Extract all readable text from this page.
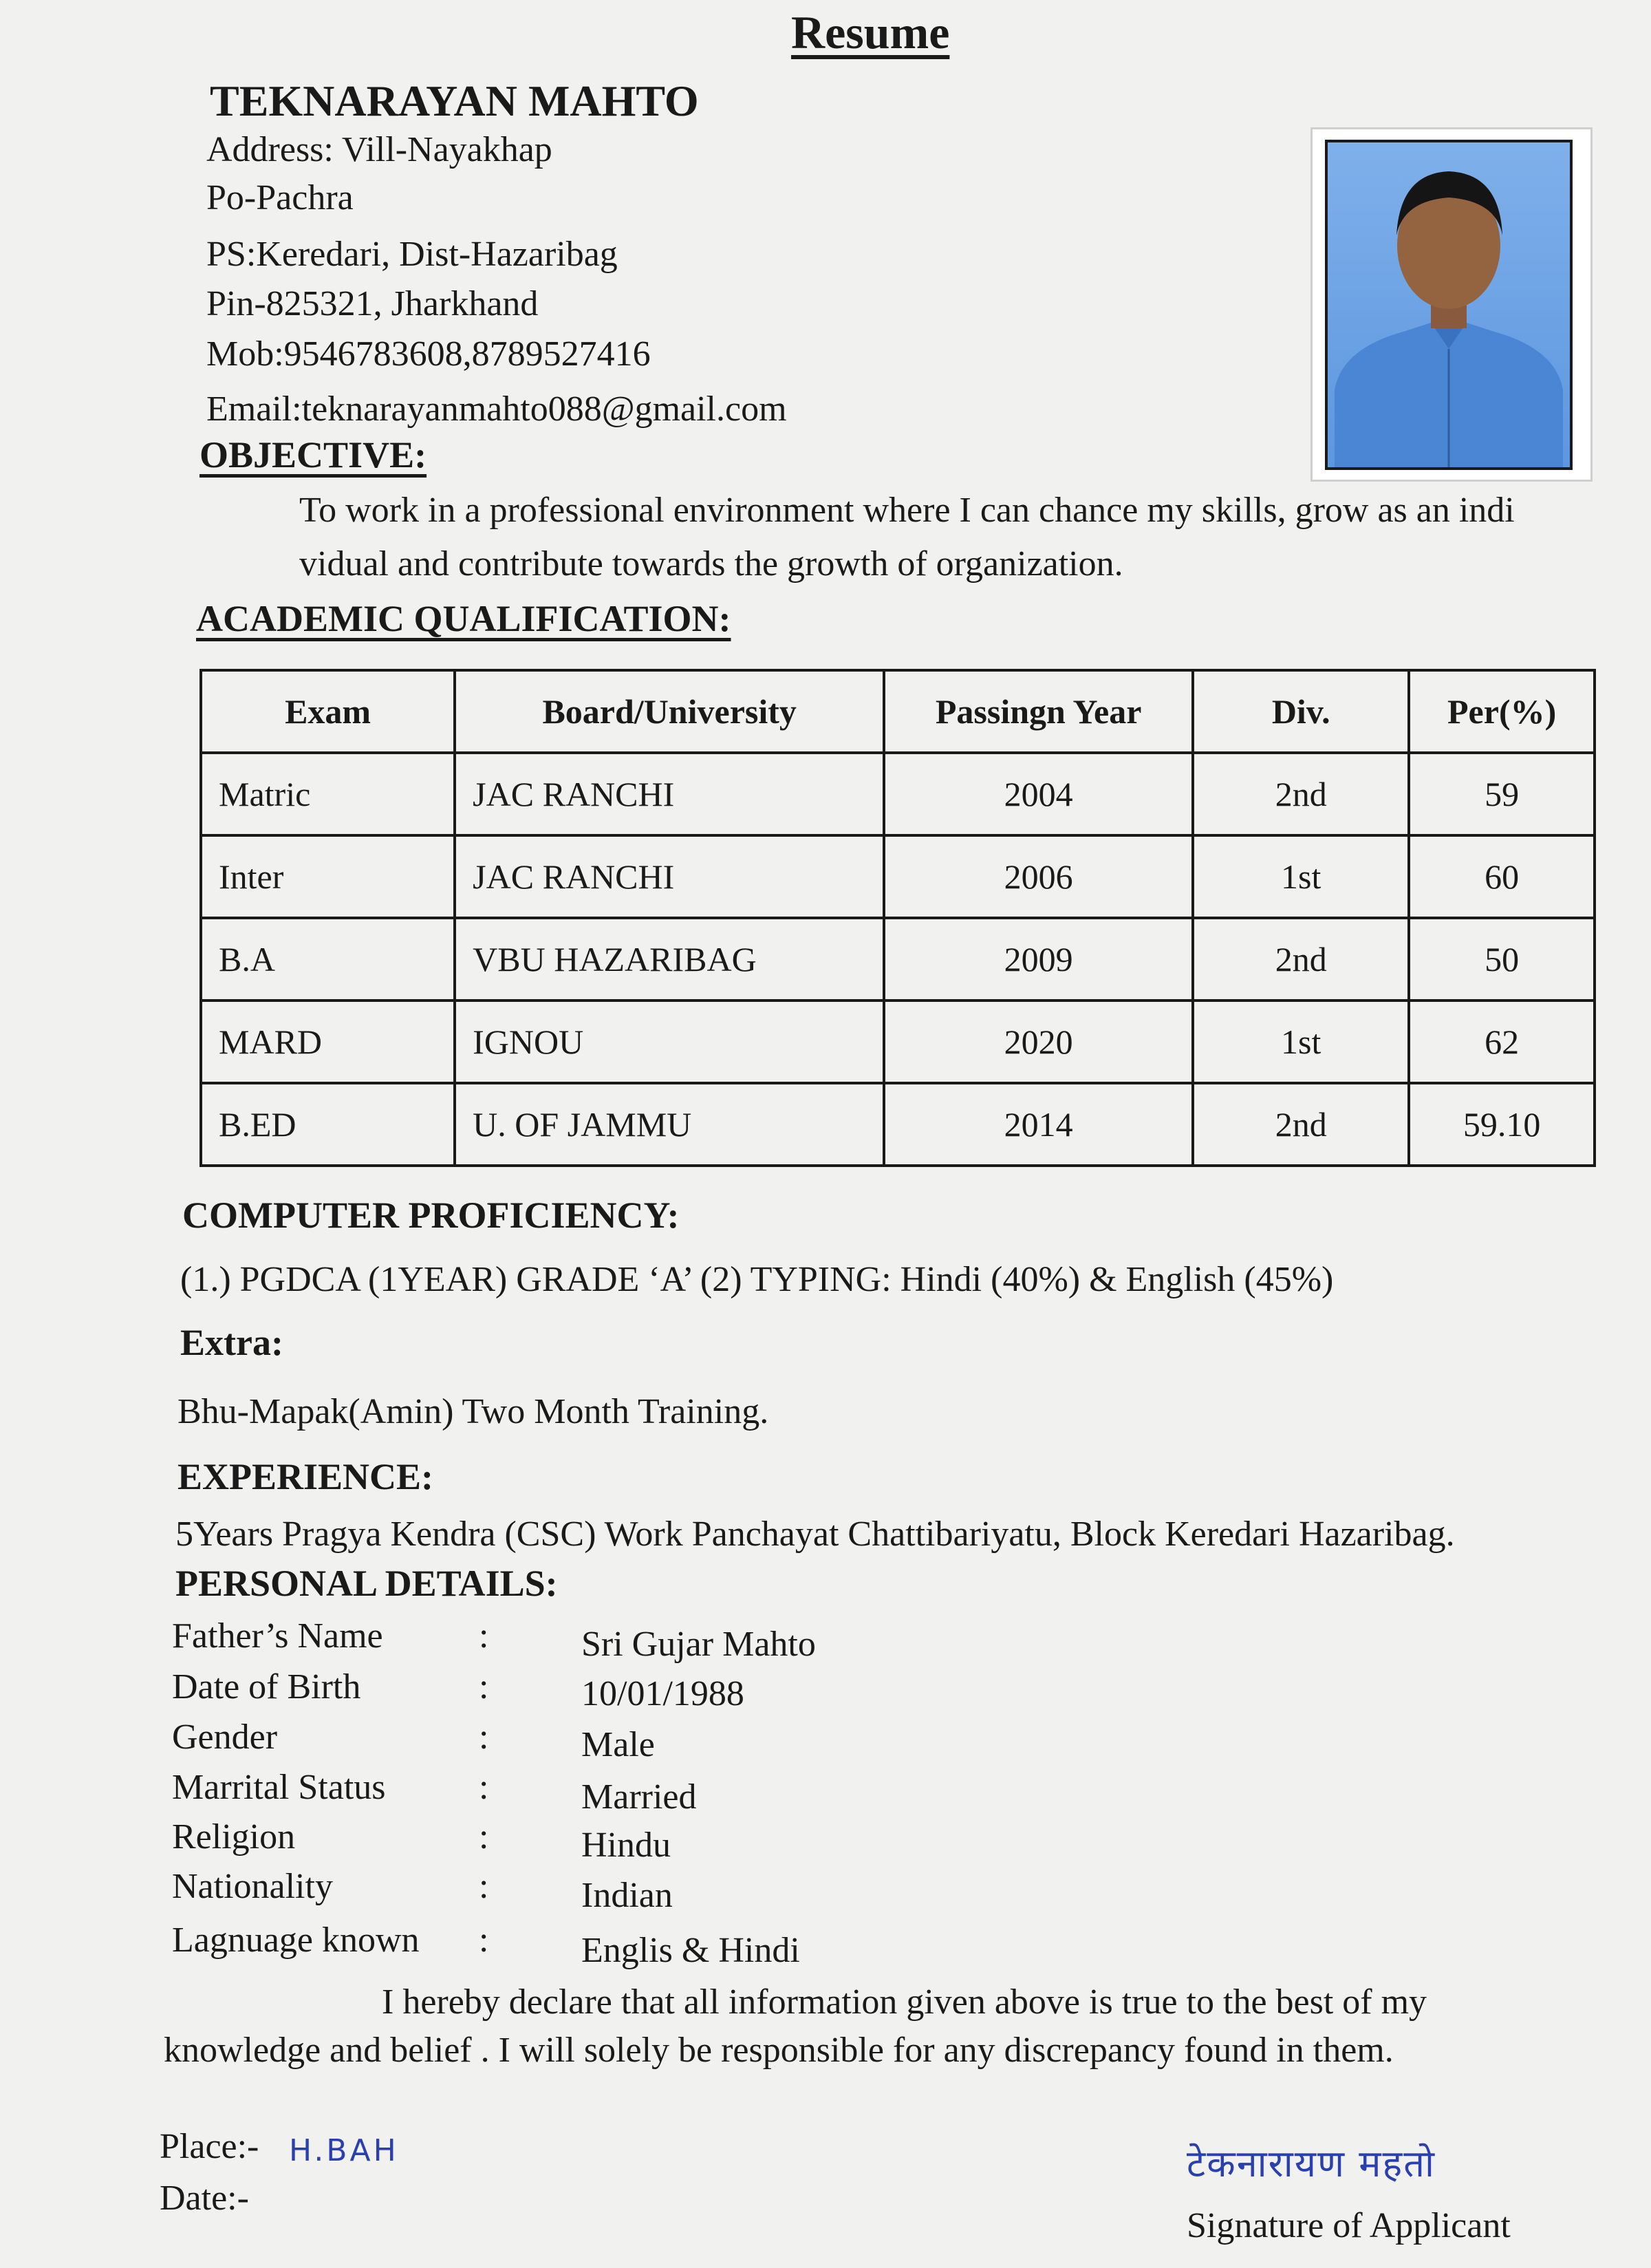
Resume
TEKNARAYAN MAHTO
Address: Vill-Nayakhap
Po-Pachra
PS:Keredari, Dist-Hazaribag
Pin-825321, Jharkhand
Mob:9546783608,8789527416
Email:teknarayanmahto088@gmail.com
OBJECTIVE:
To work in a professional environment where I can chance my skills, grow as an indi
vidual and contribute towards the growth of organization.
ACADEMIC QUALIFICATION:
Exam	Board/University	Passingn Year	Div.	Per(%)
Matric	JAC RANCHI	2004	2nd	59
Inter	JAC RANCHI	2006	1st	60
B.A	VBU HAZARIBAG	2009	2nd	50
MARD	IGNOU	2020	1st	62
B.ED	U. OF JAMMU	2014	2nd	59.10
COMPUTER PROFICIENCY:
(1.) PGDCA (1YEAR) GRADE ‘A’ (2) TYPING: Hindi (40%) & English (45%)
Extra:
Bhu-Mapak(Amin) Two Month Training.
EXPERIENCE:
5Years Pragya Kendra (CSC) Work Panchayat Chattibariyatu, Block Keredari Hazaribag.
PERSONAL DETAILS:
Father’s Name	:	Sri Gujar Mahto
Date of Birth	:	10/01/1988
Gender	:	Male
Marrital Status	:	Married
Religion	:	Hindu
Nationality	:	Indian
Lagnuage known :	Englis & Hindi
I hereby declare that all information given above is true to the best of my
knowledge and belief . I will solely be responsible for any discrepancy found in them.
Place:- H.BAH
Date:-
टेकनारायण महतो
Signature of Applicant
